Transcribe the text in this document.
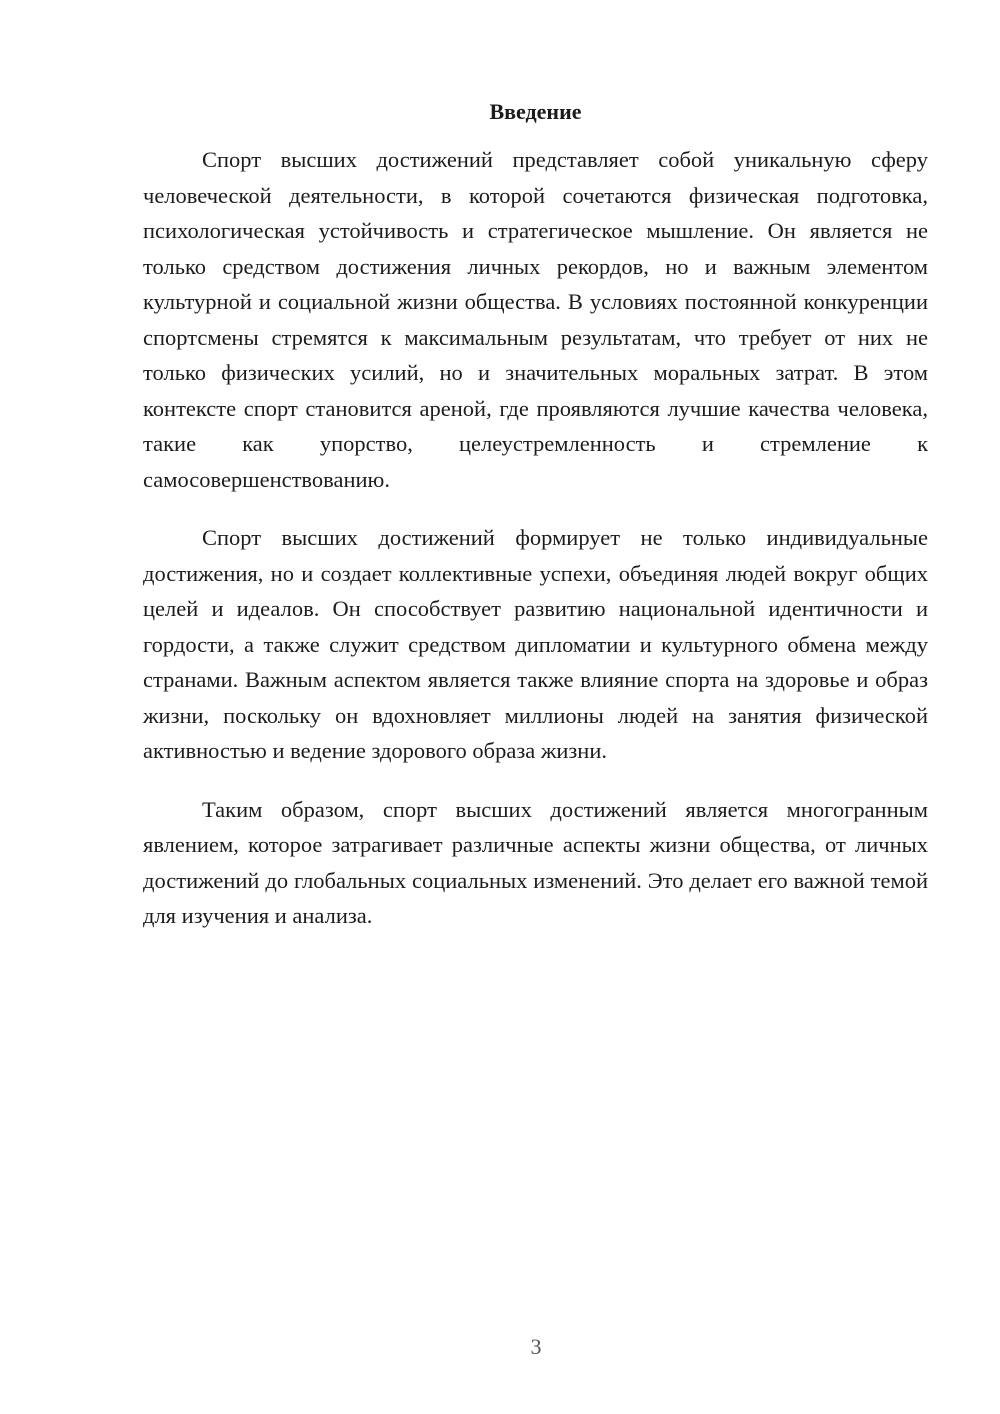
Введение

Спорт высших достижений представляет собой уникальную сферу человеческой деятельности, в которой сочетаются физическая подготовка, психологическая устойчивость и стратегическое мышление. Он является не только средством достижения личных рекордов, но и важным элементом культурной и социальной жизни общества. В условиях постоянной конкуренции спортсмены стремятся к максимальным результатам, что требует от них не только физических усилий, но и значительных моральных затрат. В этом контексте спорт становится ареной, где проявляются лучшие качества человека, такие как упорство, целеустремленность и стремление к самосовершенствованию.

Спорт высших достижений формирует не только индивидуальные достижения, но и создает коллективные успехи, объединяя людей вокруг общих целей и идеалов. Он способствует развитию национальной идентичности и гордости, а также служит средством дипломатии и культурного обмена между странами. Важным аспектом является также влияние спорта на здоровье и образ жизни, поскольку он вдохновляет миллионы людей на занятия физической активностью и ведение здорового образа жизни.

Таким образом, спорт высших достижений является многогранным явлением, которое затрагивает различные аспекты жизни общества, от личных достижений до глобальных социальных изменений. Это делает его важной темой для изучения и анализа.

3
